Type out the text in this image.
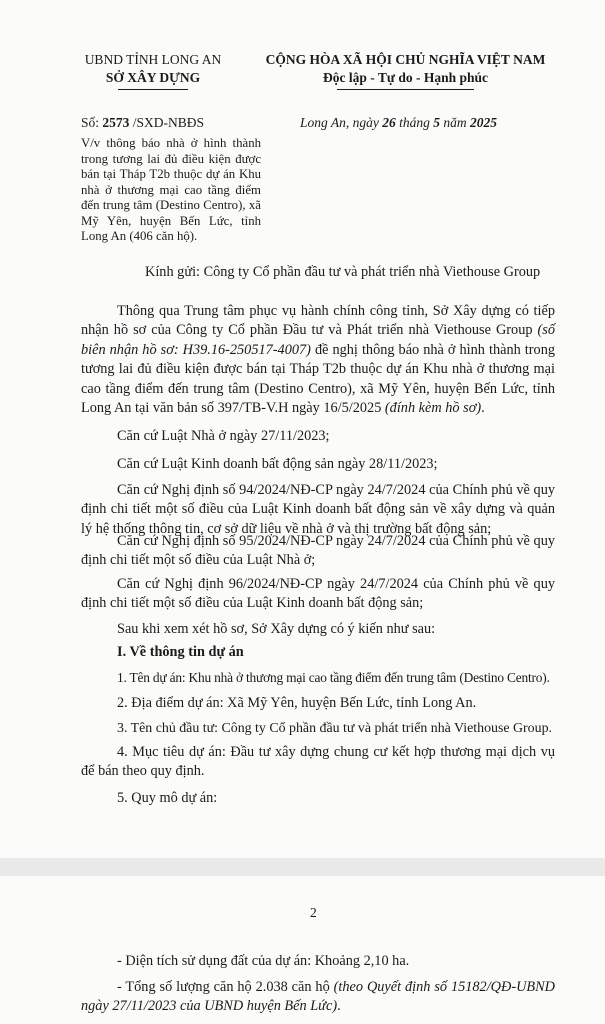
UBND TỈNH LONG AN
SỞ XÂY DỰNG
CỘNG HÒA XÃ HỘI CHỦ NGHĨA VIỆT NAM
Độc lập - Tự do - Hạnh phúc
Số: 2573 /SXD-NBĐS	Long An, ngày 26 tháng 5 năm 2025
V/v thông báo nhà ở hình thành trong tương lai đủ điều kiện được bán tại Tháp T2b thuộc dự án Khu nhà ở thương mại cao tầng điểm đến trung tâm (Destino Centro), xã Mỹ Yên, huyện Bến Lức, tỉnh Long An (406 căn hộ).
Kính gửi: Công ty Cổ phần đầu tư và phát triển nhà Viethouse Group
Thông qua Trung tâm phục vụ hành chính công tỉnh, Sở Xây dựng có tiếp nhận hồ sơ của Công ty Cổ phần Đầu tư và Phát triển nhà Viethouse Group (số biên nhận hồ sơ: H39.16-250517-4007) đề nghị thông báo nhà ở hình thành trong tương lai đủ điều kiện được bán tại Tháp T2b thuộc dự án Khu nhà ở thương mại cao tầng điểm đến trung tâm (Destino Centro), xã Mỹ Yên, huyện Bến Lức, tỉnh Long An tại văn bản số 397/TB-V.H ngày 16/5/2025 (đính kèm hồ sơ).
Căn cứ Luật Nhà ở ngày 27/11/2023;
Căn cứ Luật Kinh doanh bất động sản ngày 28/11/2023;
Căn cứ Nghị định số 94/2024/NĐ-CP ngày 24/7/2024 của Chính phủ về quy định chi tiết một số điều của Luật Kinh doanh bất động sản về xây dựng và quản lý hệ thống thông tin, cơ sở dữ liệu về nhà ở và thị trường bất động sản;
Căn cứ Nghị định số 95/2024/NĐ-CP ngày 24/7/2024 của Chính phủ về quy định chi tiết một số điều của Luật Nhà ở;
Căn cứ Nghị định 96/2024/NĐ-CP ngày 24/7/2024 của Chính phủ về quy định chi tiết một số điều của Luật Kinh doanh bất động sản;
Sau khi xem xét hồ sơ, Sở Xây dựng có ý kiến như sau:
I. Về thông tin dự án
1. Tên dự án: Khu nhà ở thương mại cao tầng điểm đến trung tâm (Destino Centro).
2. Địa điểm dự án: Xã Mỹ Yên, huyện Bến Lức, tỉnh Long An.
3. Tên chủ đầu tư: Công ty Cổ phần đầu tư và phát triển nhà Viethouse Group.
4. Mục tiêu dự án: Đầu tư xây dựng chung cư kết hợp thương mại dịch vụ để bán theo quy định.
5. Quy mô dự án:
2
- Diện tích sử dụng đất của dự án: Khoảng 2,10 ha.
- Tổng số lượng căn hộ 2.038 căn hộ (theo Quyết định số 15182/QĐ-UBND ngày 27/11/2023 của UBND huyện Bến Lức).
